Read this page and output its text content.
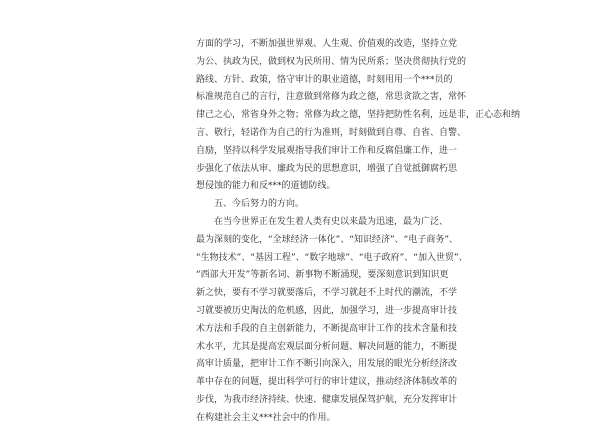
方面的学习，不断加强世界观、人生观、价值观的改造，坚持立党
为公、执政为民，做到权为民所用、情为民所系；坚决贯彻执行党的
路线、方针、政策，恪守审计的职业道德，时刻用用一个***员的
标准规范自己的言行，注意做到常修为政之德，常思贪欲之害，常怀
律己之心，常省身外之物；常修为政之德，坚持把防性名利，远是非，正心态和纳
言、敬行，轻诺作为自己的行为准则，时刻做到自尊、自省、自警、
自励，坚持以科学发展观指导我们审计工作和反腐倡廉工作，进一
步强化了依法从审、廉政为民的思想意识，增强了自觉抵御腐朽思
想侵蚀的能力和反***的道德防线。
五、今后努力的方向。
在当今世界正在发生着人类有史以来最为迅速，最为广泛、
最为深刻的变化，“全球经济一体化”、“知识经济”、“电子商务”、
“生物技术”、“基因工程”、“数字地球”、“电子政府”、“加入世贸”、
“西部大开发”等新名词、新事物不断涌现，要深刻意识到知识更
新之快，要有不学习就要落后，不学习就赶不上时代的潮流，不学
习就要被历史淘汰的危机感，因此，加强学习，进一步提高审计技
术方法和手段的自主创新能力，不断提高审计工作的技术含量和技
术水平，尤其是提高宏观层面分析问题、解决问题的能力，不断提
高审计质量，把审计工作不断引向深入，用发展的眼光分析经济改
革中存在的问题，提出科学可行的审计建议，推动经济体制改革的
步伐，为我市经济持续、快速、健康发展保驾护航，充分发挥审计
在构建社会主义***社会中的作用。
